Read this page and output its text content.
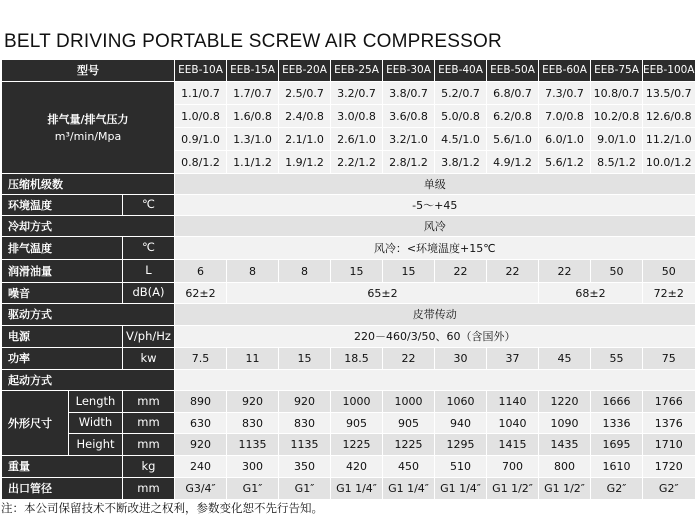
BELT DRIVING PORTABLE SCREW AIR COMPRESSOR
型号			EEB-10A	EEB-15A	EEB-20A	EEB-25A	EEB-30A	EEB-40A	EEB-50A	EEB-60A	EEB-75A	EEB-100A

排气量/排气压力
m³/min/Mpa			1.1/0.7	1.7/0.7	2.5/0.7	3.2/0.7	3.8/0.7	5.2/0.7	6.8/0.7	7.3/0.7	10.8/0.7	13.5/0.7
			1.0/0.8	1.6/0.8	2.4/0.8	3.0/0.8	3.6/0.8	5.0/0.8	6.2/0.8	7.0/0.8	10.2/0.8	12.6/0.8
			0.9/1.0	1.3/1.0	2.1/1.0	2.6/1.0	3.2/1.0	4.5/1.0	5.6/1.0	6.0/1.0	9.0/1.0	11.2/1.0
			0.8/1.2	1.1/1.2	1.9/1.2	2.2/1.2	2.8/1.2	3.8/1.2	4.9/1.2	5.6/1.2	8.5/1.2	10.0/1.2
压缩机级数			单级									
环境温度		℃	-5～+45									
冷却方式			风冷									
排气温度		℃	风冷：<环境温度+15℃									
润滑油量		L	6	8	8	15	15	22	22	22	50	50
噪音		dB(A)	62±2	65±2						68±2		72±2
驱动方式			皮带传动									
电源		V/ph/Hz	220－460/3/50、60（含国外）									
功率		kw	7.5	11	15	18.5	22	30	37	45	55	75
起动方式												
外形尺寸	Length	mm	890	920	920	1000	1000	1060	1140	1220	1666	1766
	Width	mm	630	830	830	905	905	940	1040	1090	1336	1376
	Height	mm	920	1135	1135	1225	1225	1295	1415	1435	1695	1710
重量		kg	240	300	350	420	450	510	700	800	1610	1720
出口管径		mm	G3/4″	G1″	G1″	G1 1/4″	G1 1/4″	G1 1/4″	G1 1/2″	G1 1/2″	G2″	G2″
注：本公司保留技术不断改进之权利，参数变化恕不先行告知。
